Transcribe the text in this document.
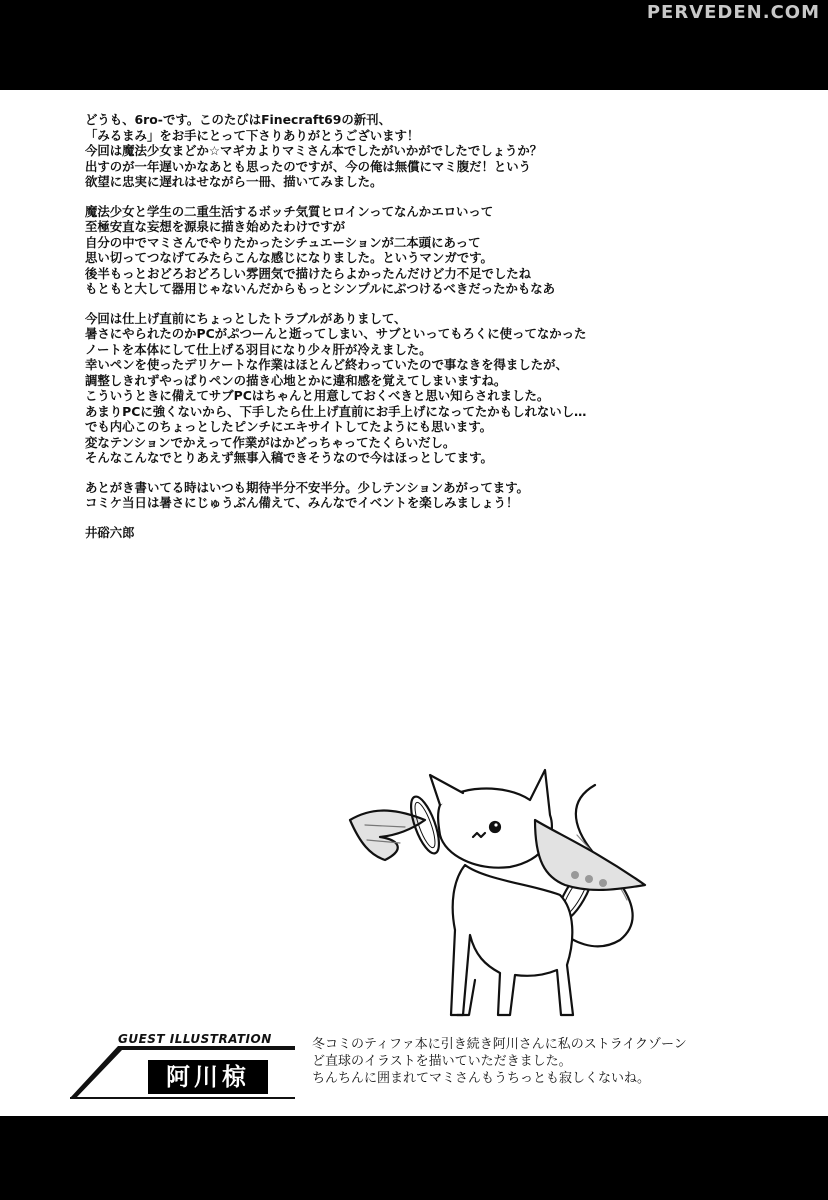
PERVEDEN.COM
どうも、6ro-です。このたびはFinecraft69の新刊、
「みるまみ」をお手にとって下さりありがとうございます！
今回は魔法少女まどか☆マギカよりマミさん本でしたがいかがでしたでしょうか？
出すのが一年遅いかなあとも思ったのですが、今の俺は無償にマミ腹だ！という
欲望に忠実に遅れはせながら一冊、描いてみました。
魔法少女と学生の二重生活するボッチ気質ヒロインってなんかエロいって
至極安直な妄想を源泉に描き始めたわけですが
自分の中でマミさんでやりたかったシチュエーションが二本頭にあって
思い切ってつなげてみたらこんな感じになりました。というマンガです。
後半もっとおどろおどろしい雰囲気で描けたらよかったんだけど力不足でしたね
もともと大して器用じゃないんだからもっとシンプルにぶつけるべきだったかもなあ
今回は仕上げ直前にちょっとしたトラブルがありまして、
暑さにやられたのかPCがぷつーんと逝ってしまい、サブといってもろくに使ってなかった
ノートを本体にして仕上げる羽目になり少々肝が冷えました。
幸いペンを使ったデリケートな作業はほとんど終わっていたので事なきを得ましたが、
調整しきれずやっぱりペンの描き心地とかに違和感を覚えてしまいますね。
こういうときに備えてサブPCはちゃんと用意しておくべきと思い知らされました。
あまりPCに強くないから、下手したら仕上げ直前にお手上げになってたかもしれないし…
でも内心このちょっとしたピンチにエキサイトしてたようにも思います。
変なテンションでかえって作業がはかどっちゃってたくらいだし。
そんなこんなでとりあえず無事入稿できそうなので今はほっとしてます。
あとがき書いてる時はいつも期待半分不安半分。少しテンションあがってます。
コミケ当日は暑さにじゅうぶん備えて、みんなでイベントを楽しみましょう！
井硲六郎
GUEST ILLUSTRATION
阿川椋
冬コミのティファ本に引き続き阿川さんに私のストライクゾーン
ど直球のイラストを描いていただきました。
ちんちんに囲まれてマミさんもうちっとも寂しくないね。
